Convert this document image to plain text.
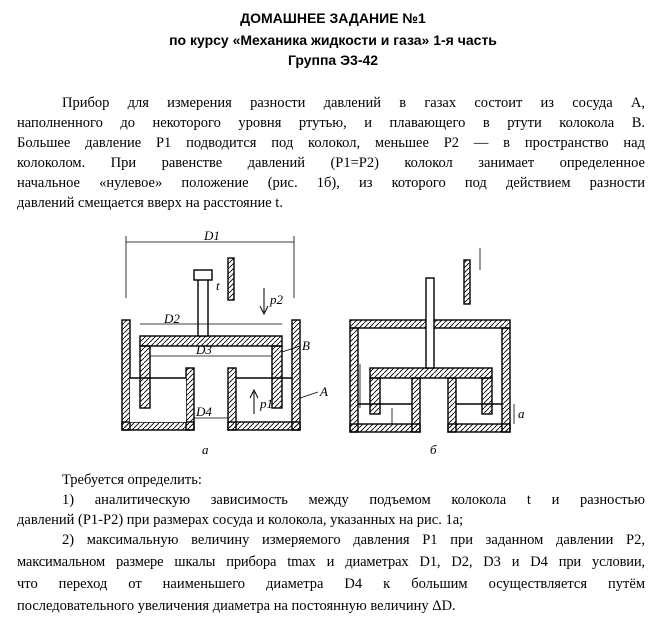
ДОМАШНЕЕ ЗАДАНИЕ №1
по курсу «Механика жидкости и газа» 1-я часть
Группа Э3-42
Прибор для измерения разности давлений в газах состоит из сосуда А,
наполненного до некоторого уровня ртутью, и плавающего в ртути колокола В.
Большее давление P1 подводится под колокол, меньшее P2 — в пространство над
колоколом. При равенстве давлений (P1=P2) колокол занимает определенное
начальное «нулевое» положение (рис. 1б), из которого под действием разности
давлений смещается вверх на расстояние t.
D1
D2
D3
D4
t
p2
p1
B
A
a
а	б
Требуется определить:
1) аналитическую зависимость между подъемом колокола t и разностью
давлений (P1-P2) при размерах сосуда и колокола, указанных на рис. 1а;
2) максимальную величину измеряемого давления P1 при заданном давлении P2,
максимальном размере шкалы прибора tmax и диаметрах D1, D2, D3 и D4 при условии,
что переход от наименьшего диаметра D4 к большим осуществляется путём
последовательного увеличения диаметра на постоянную величину ΔD.
